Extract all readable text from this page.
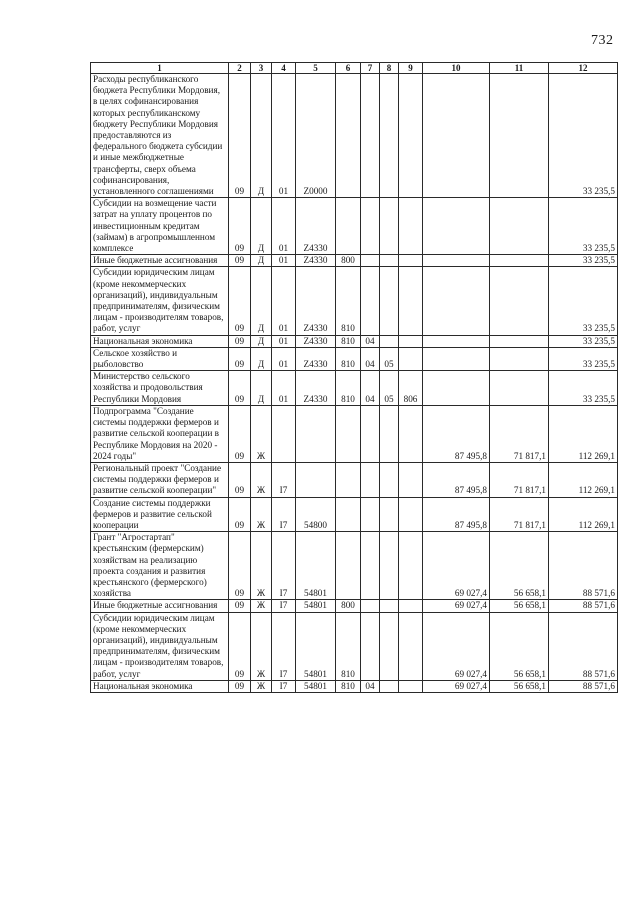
732
1	2	3	4	5	6	7	8	9	10	11	12
Расходы республиканского бюджета Республики Мордовия, в целях софинансирования которых республиканскому бюджету Республики Мордовия предоставляются из федерального бюджета субсидии и иные межбюджетные трансферты, сверх объема софинансирования, установленного соглашениями	09	Д	01	Z0000							33 235,5
Субсидии на возмещение части затрат на уплату процентов по инвестиционным кредитам (займам) в агропромышленном комплексе	09	Д	01	Z4330							33 235,5
Иные бюджетные ассигнования	09	Д	01	Z4330	800						33 235,5
Субсидии юридическим лицам (кроме некоммерческих организаций), индивидуальным предпринимателям, физическим лицам - производителям товаров, работ, услуг	09	Д	01	Z4330	810						33 235,5
Национальная экономика	09	Д	01	Z4330	810	04					33 235,5
Сельское хозяйство и рыболовство	09	Д	01	Z4330	810	04	05				33 235,5
Министерство сельского хозяйства и продовольствия Республики Мордовия	09	Д	01	Z4330	810	04	05	806			33 235,5
Подпрограмма "Создание системы поддержки фермеров и развитие сельской кооперации в Республике Мордовия на 2020 - 2024 годы"	09	Ж							87 495,8	71 817,1	112 269,1
Региональный проект "Создание системы поддержки фермеров и развитие сельской кооперации"	09	Ж	I7						87 495,8	71 817,1	112 269,1
Создание системы поддержки фермеров и развитие сельской кооперации	09	Ж	I7	54800					87 495,8	71 817,1	112 269,1
Грант "Агростартап" крестьянским (фермерским) хозяйствам на реализацию проекта создания и развития крестьянского (фермерского) хозяйства	09	Ж	I7	54801					69 027,4	56 658,1	88 571,6
Иные бюджетные ассигнования	09	Ж	I7	54801	800				69 027,4	56 658,1	88 571,6
Субсидии юридическим лицам (кроме некоммерческих организаций), индивидуальным предпринимателям, физическим лицам - производителям товаров, работ, услуг	09	Ж	I7	54801	810				69 027,4	56 658,1	88 571,6
Национальная экономика	09	Ж	I7	54801	810	04			69 027,4	56 658,1	88 571,6
